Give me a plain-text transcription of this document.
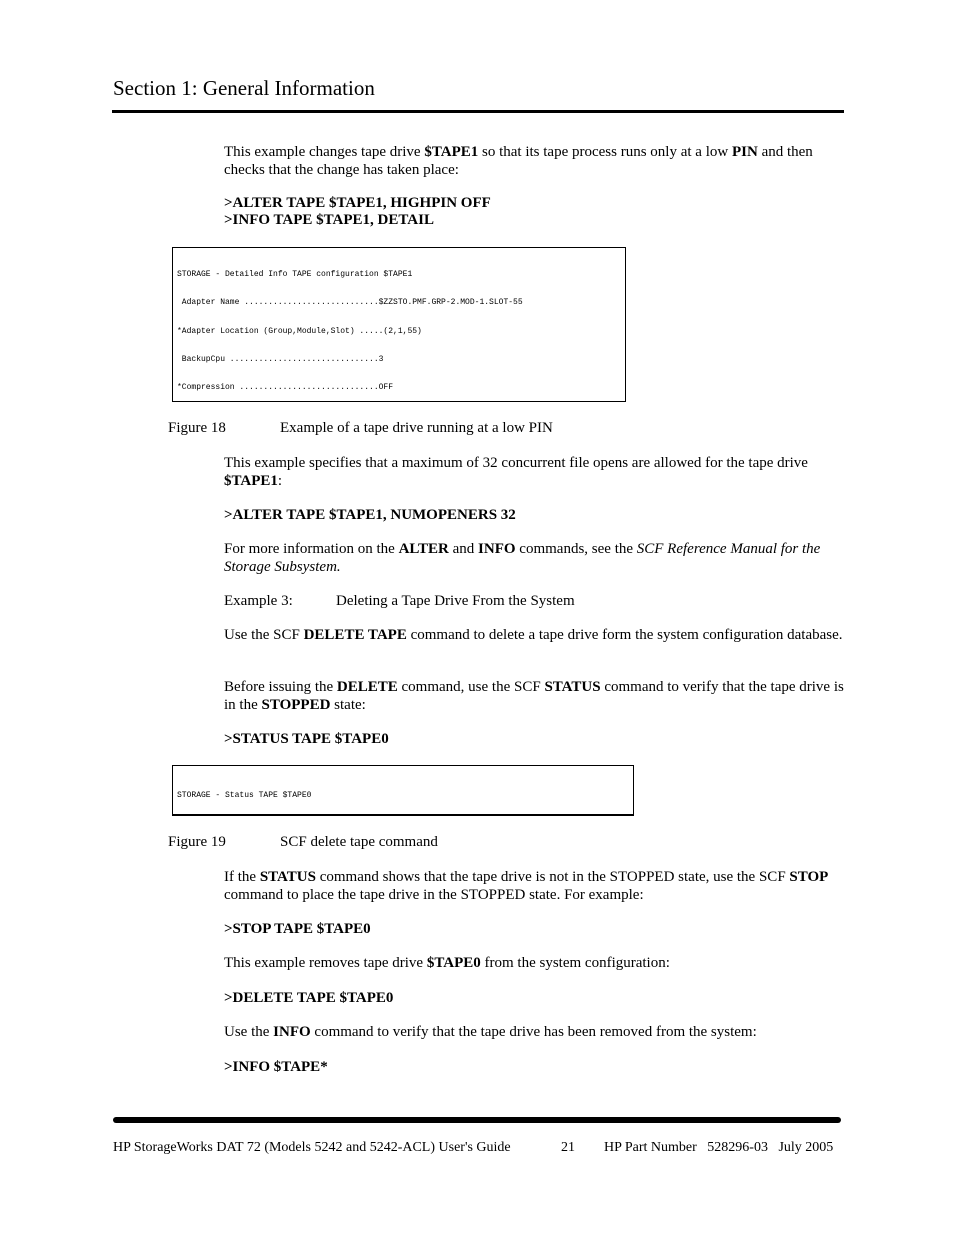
Section 1: General Information
This example changes tape drive $TAPE1 so that its tape process runs only at a low PIN and then checks that the change has taken place:
>ALTER TAPE $TAPE1, HIGHPIN OFF
>INFO TAPE $TAPE1, DETAIL

STORAGE - Detailed Info TAPE configuration $TAPE1

Adapter Name ............................$ZZSTO.PMF.GRP-2.MOD-1.SLOT-55

*Adapter Location (Group,Module,Slot) .....(2,1,55)

BackupCpu ...............................3

*Compression .............................OFF

Figure 18	Example of a tape drive running at a low PIN
This example specifies that a maximum of 32 concurrent file opens are allowed for the tape drive $TAPE1:
>ALTER TAPE $TAPE1, NUMOPENERS 32
For more information on the ALTER and INFO commands, see the SCF Reference Manual for the Storage Subsystem.
Example 3:	Deleting a Tape Drive From the System
Use the SCF DELETE TAPE command to delete a tape drive form the system configuration database.
Before issuing the DELETE command, use the SCF STATUS command to verify that the tape drive is in the STOPPED state:
>STATUS TAPE $TAPE0

STORAGE - Status TAPE $TAPE0

Figure 19	SCF delete tape command
If the STATUS command shows that the tape drive is not in the STOPPED state, use the SCF STOP command to place the tape drive in the STOPPED state. For example:
>STOP TAPE $TAPE0
This example removes tape drive $TAPE0 from the system configuration:
>DELETE TAPE $TAPE0
Use the INFO command to verify that the tape drive has been removed from the system:
>INFO $TAPE*
HP StorageWorks DAT 72 (Models 5242 and 5242-ACL) User's Guide	21 HP Part Number   528296-03   July 2005
